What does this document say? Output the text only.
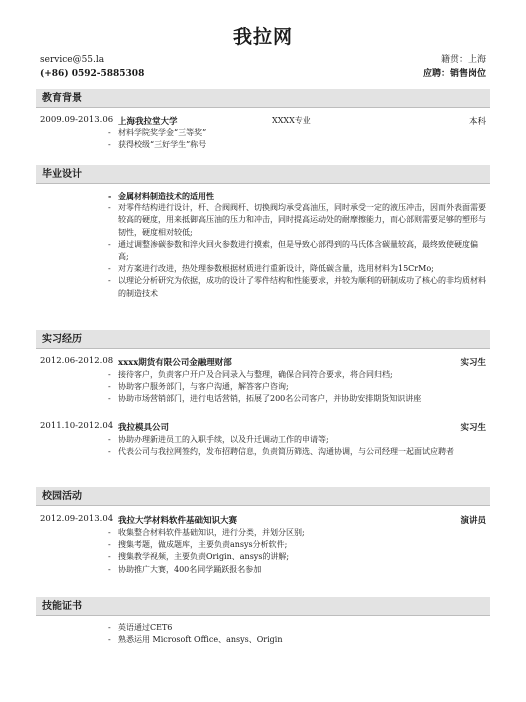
我拉网
service@55.la
(+86) 0592-5885308
籍贯：上海
应聘：销售岗位
教育背景
2009.09-2013.06 上海我拉堂大学	XXXX专业	本科
- 材料学院奖学金“三等奖”
- 获得校级“三好学生”称号
毕业设计
- 金属材料制造技术的适用性
- 对零件结构进行设计，杆、合阀阀杆、切换阀均承受高油压，同时承受一定的液压冲击，因而外表面需要较高的硬度，用来抵御高压油的压力和冲击，同时提高运动处的耐摩擦能力，而心部则需要足够的塑形与韧性，硬度相对较低;
- 通过调整渗碳参数和淬火回火参数进行摸索，但是导致心部得到的马氏体含碳量较高，最终致使硬度偏高;
- 对方案进行改进，热处理参数根据材质进行重新设计，降低碳含量，选用材料为15CrMo;
- 以理论分析研究为依据，成功的设计了零件结构和性能要求，并较为顺利的研制成功了核心的非均质材料的制造技术
实习经历
2012.06-2012.08 xxxx期货有限公司金融理财部	实习生
- 接待客户，负责客户开户及合同录入与整理，确保合同符合要求，将合同归档;
- 协助客户服务部门，与客户沟通，解答客户咨询;
- 协助市场营销部门，进行电话营销，拓展了200名公司客户，并协助安排期货知识讲座
2011.10-2012.04 我拉模具公司	实习生
- 协助办理新进员工的入职手续，以及升迁调动工作的申请等;
- 代表公司与我拉网签约，发布招聘信息，负责简历筛选、沟通协调，与公司经理一起面试应聘者
校园活动
2012.09-2013.04 我拉大学材料软件基础知识大赛	演讲员
- 收集整合材料软件基础知识，进行分类，并划分区别;
- 搜集考题，做成题库，主要负责ansys分析软件;
- 搜集教学视频，主要负责Origin、ansys的讲解;
- 协助推广大赛，400名同学踊跃报名参加
技能证书
- 英语通过CET6
- 熟悉运用 Microsoft Office、ansys、Origin
